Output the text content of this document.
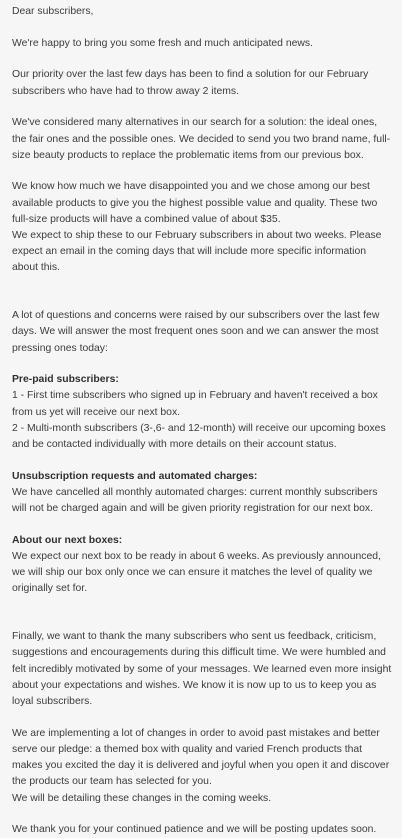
Dear subscribers,

We're happy to bring you some fresh and much anticipated news.

Our priority over the last few days has been to find a solution for our February subscribers who have had to throw away 2 items.

We've considered many alternatives in our search for a solution: the ideal ones, the fair ones and the possible ones. We decided to send you two brand name, full-size beauty products to replace the problematic items from our previous box.

We know how much we have disappointed you and we chose among our best available products to give you the highest possible value and quality. These two full-size products will have a combined value of about $35.

We expect to ship these to our February subscribers in about two weeks. Please expect an email in the coming days that will include more specific information about this.

A lot of questions and concerns were raised by our subscribers over the last few days. We will answer the most frequent ones soon and we can answer the most pressing ones today:

Pre-paid subscribers:
1 - First time subscribers who signed up in February and haven't received a box from us yet will receive our next box.

2 - Multi-month subscribers (3-,6- and 12-month) will receive our upcoming boxes and be contacted individually with more details on their account status.

Unsubscription requests and automated charges:

We have cancelled all monthly automated charges: current monthly subscribers will not be charged again and will be given priority registration for our next box.

About our next boxes:

We expect our next box to be ready in about 6 weeks. As previously announced, we will ship our box only once we can ensure it matches the level of quality we originally set for.

Finally, we want to thank the many subscribers who sent us feedback, criticism, suggestions and encouragements during this difficult time. We were humbled and felt incredibly motivated by some of your messages. We learned even more insight about your expectations and wishes. We know it is now up to us to keep you as loyal subscribers.

We are implementing a lot of changes in order to avoid past mistakes and better serve our pledge: a themed box with quality and varied French products that makes you excited the day it is delivered and joyful when you open it and discover the products our team has selected for you.

We will be detailing these changes in the coming weeks.

We thank you for your continued patience and we will be posting updates soon.
